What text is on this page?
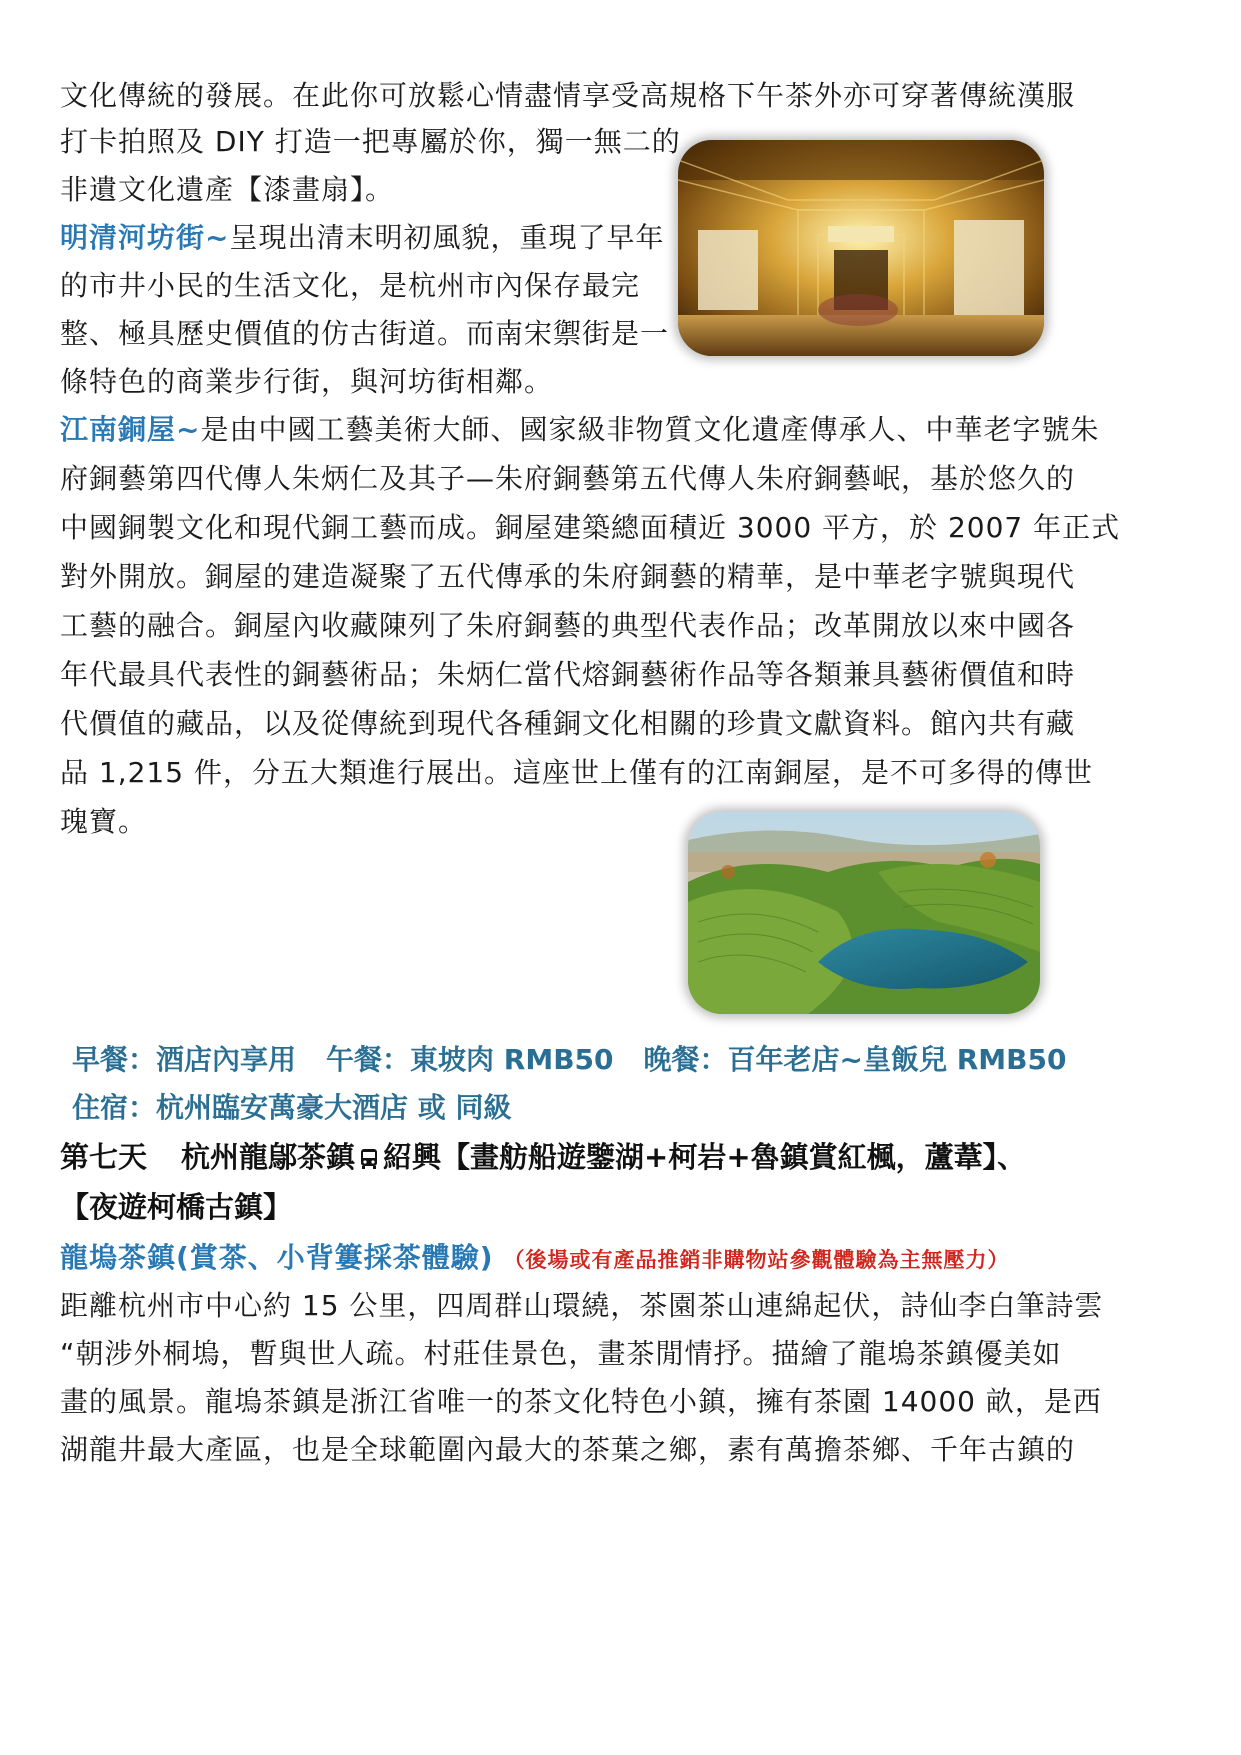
文化傳統的發展。在此你可放鬆心情盡情享受高規格下午茶外亦可穿著傳統漢服
打卡拍照及 DIY 打造一把專屬於你，獨一無二的
非遺文化遺產【漆畫扇】。
明清河坊街~呈現出清末明初風貌，重現了早年
的市井小民的生活文化，是杭州市內保存最完
整、極具歷史價值的仿古街道。而南宋禦街是一
條特色的商業步行街，與河坊街相鄰。
江南銅屋~是由中國工藝美術大師、國家級非物質文化遺產傳承人、中華老字號朱
府銅藝第四代傳人朱炳仁及其子—朱府銅藝第五代傳人朱府銅藝岷，基於悠久的
中國銅製文化和現代銅工藝而成。銅屋建築總面積近 3000 平方，於 2007 年正式
對外開放。銅屋的建造凝聚了五代傳承的朱府銅藝的精華，是中華老字號與現代
工藝的融合。銅屋內收藏陳列了朱府銅藝的典型代表作品；改革開放以來中國各
年代最具代表性的銅藝術品；朱炳仁當代熔銅藝術作品等各類兼具藝術價值和時
代價值的藏品，以及從傳統到現代各種銅文化相關的珍貴文獻資料。館內共有藏
品 1,215 件，分五大類進行展出。這座世上僅有的江南銅屋，是不可多得的傳世
瑰寶。
早餐：酒店內享用 午餐：東坡肉 RMB50 晚餐：百年老店~皇飯兒 RMB50
住宿：杭州臨安萬豪大酒店 或 同級
第七天 杭州龍鄔茶鎮 紹興【畫舫船遊鑒湖+柯岩+魯鎮賞紅楓，蘆葦】、
【夜遊柯橋古鎮】
龍塢茶鎮(賞茶、小背簍採茶體驗) （後場或有產品推銷非購物站參觀體驗為主無壓力）
距離杭州市中心約 15 公里，四周群山環繞，茶園茶山連綿起伏，詩仙李白筆詩雲
“朝涉外桐塢，暫與世人疏。村莊佳景色，畫茶閒情抒。描繪了龍塢茶鎮優美如
畫的風景。龍塢茶鎮是浙江省唯一的茶文化特色小鎮，擁有茶園 14000 畝，是西
湖龍井最大產區，也是全球範圍內最大的茶葉之鄉，素有萬擔茶鄉、千年古鎮的
